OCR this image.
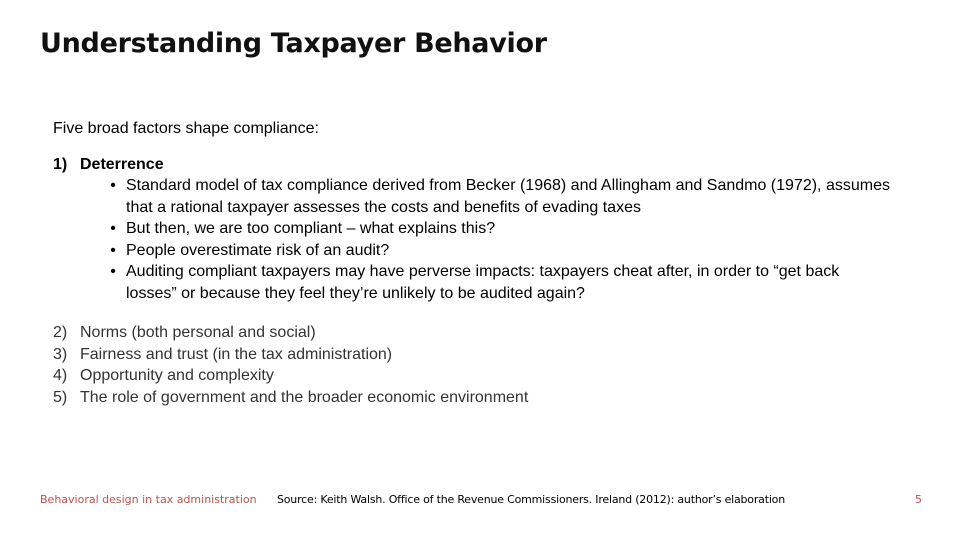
Understanding Taxpayer Behavior

Five broad factors shape compliance:

1) Deterrence
• Standard model of tax compliance derived from Becker (1968) and Allingham and Sandmo (1972), assumes that a rational taxpayer assesses the costs and benefits of evading taxes
• But then, we are too compliant – what explains this?
• People overestimate risk of an audit?
• Auditing compliant taxpayers may have perverse impacts: taxpayers cheat after, in order to “get back losses” or because they feel they’re unlikely to be audited again?
2) Norms (both personal and social)
3) Fairness and trust (in the tax administration)
4) Opportunity and complexity
5) The role of government and the broader economic environment
Behavioral design in tax administration Source: Keith Walsh. Office of the Revenue Commissioners. Ireland (2012): author’s elaboration	5
